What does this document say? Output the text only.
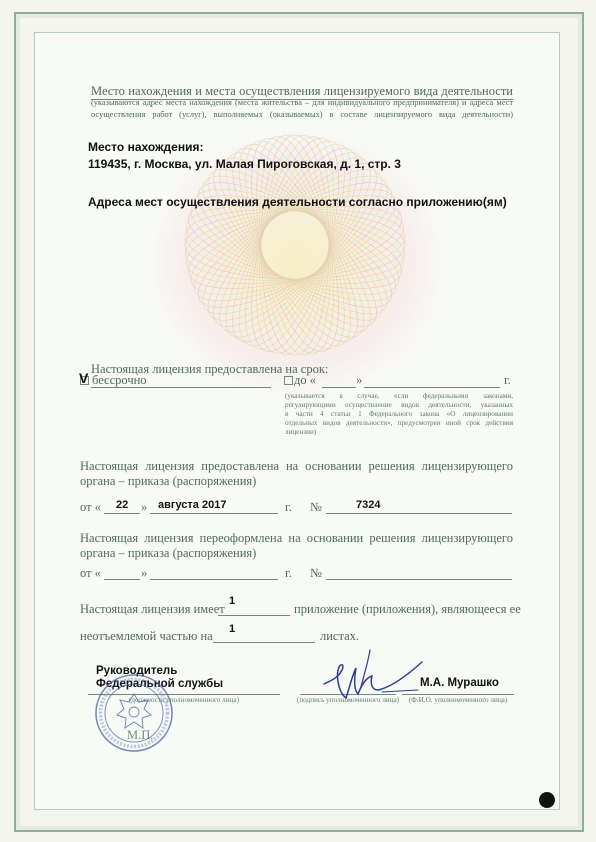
Место нахождения и места осуществления лицензируемого вида деятельности
(указываются адрес места нахождения (места жительства – для индивидуального предпринимателя) и адреса мест
осуществления работ (услуг), выполняемых (оказываемых) в составе лицензируемого вида деятельности)
Место нахождения:
119435, г. Москва, ул. Малая Пироговская, д. 1, стр. 3
Адреса мест осуществления деятельности согласно приложению(ям)
Настоящая лицензия предоставлена на срок:
V бессрочно	до «	»	г.
(указывается в случае, если федеральными законами,
регулирующими осуществление видов деятельности, указанных
в части 4 статьи 1 Федерального закона «О лицензировании
отдельных видов деятельности», предусмотрен иной срок действия
лицензии)
Настоящая лицензия предоставлена на основании решения лицензирующего
органа – приказа (распоряжения)
от « 22 » августа 2017	г. №	7324
Настоящая лицензия переоформлена на основании решения лицензирующего
органа – приказа (распоряжения)
от «	»	г. №
Настоящая лицензия имеет
1
приложение (приложения), являющееся ее
неотъемлемой частью на 1	листах.
Руководитель
Федеральной службы
(должность уполномоченного лица)	(подпись уполномоченного лица)
М.А. Мурашко
(Ф.И.О. уполномоченного лица)
М.П.
